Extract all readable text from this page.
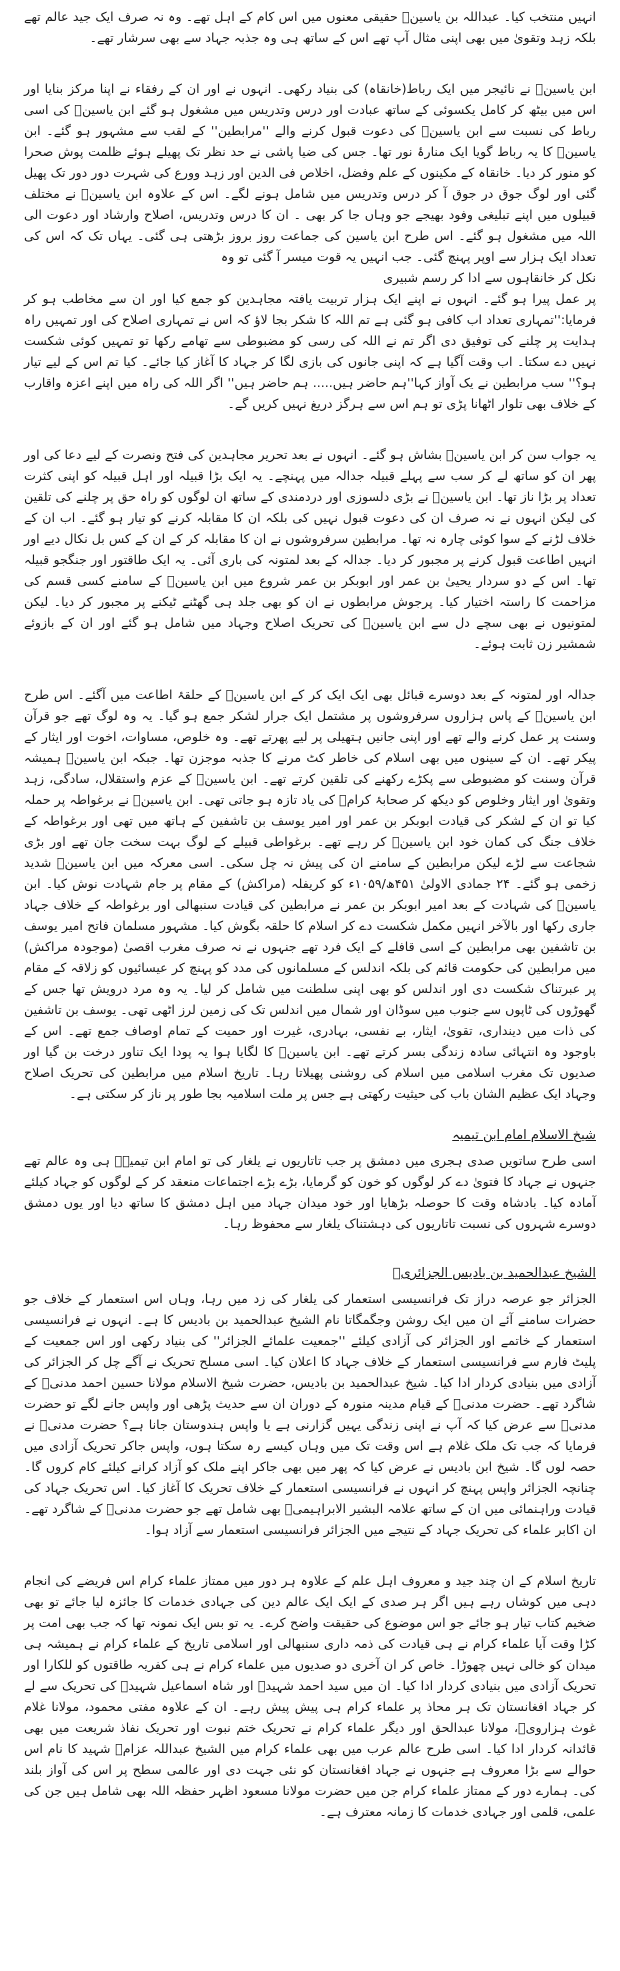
انہیں منتخب کیا۔ عبداللہ بن یاسینؒ حقیقی معنوں میں اس کام کے اہل تھے۔ وہ نہ صرف ایک جید عالم تھے بلکہ زہد وتقویٰ میں بھی اپنی مثال آپ تھے اس کے ساتھ ہی وہ جذبہ جہاد سے بھی سرشار تھے۔

ابن یاسینؒ نے نائیجر میں ایک رباط(خانقاہ) کی بنیاد رکھی۔ انہوں نے اور ان کے رفقاء نے اپنا مرکز بنایا اور اس میں بیٹھ کر کامل یکسوئی کے ساتھ عبادت اور درس وتدریس میں مشغول ہو گئے ابن یاسینؒ کی اسی رباط کی نسبت سے ابن یاسینؒ کی دعوت قبول کرنے والے ''مرابطین'' کے لقب سے مشہور ہو گئے۔ ابن یاسینؒ کا یہ رباط گویا ایک منارۂ نور تھا۔ جس کی ضیا پاشی نے حد نظر تک پھیلے ہوئے ظلمت پوش صحرا کو منور کر دیا۔ خانقاہ کے مکینوں کے علم وفضل، اخلاص فی الدین اور زہد وورع کی شہرت دور دور تک پھیل گئی اور لوگ جوق در جوق آ کر درس وتدریس میں شامل ہونے لگے۔ اس کے علاوہ ابن یاسینؒ نے مختلف قبیلوں میں اپنے تبلیغی وفود بھیجے جو وہاں جا کر بھی ۔ ان کا درس وتدریس، اصلاح وارشاد اور دعوت الی اللہ میں مشغول ہو گئے۔ اس طرح ابن یاسین کی جماعت روز بروز بڑھتی ہی گئی۔ یہاں تک کہ اس کی تعداد ایک ہزار سے اوپر پہنچ گئی۔ جب انہیں یہ قوت میسر آ گئی تو وہ

نکل کر خانقاہوں سے ادا کر رسم شبیری

پر عمل پیرا ہو گئے۔ انہوں نے اپنے ایک ہزار تربیت یافتہ مجاہدین کو جمع کیا اور ان سے مخاطب ہو کر فرمایا:''تمہاری تعداد اب کافی ہو گئی ہے تم اللہ کا شکر بجا لاؤ کہ اس نے تمہاری اصلاح کی اور تمہیں راہ ہدایت پر چلنے کی توفیق دی اگر تم نے اللہ کی رسی کو مضبوطی سے تھامے رکھا تو تمہیں کوئی شکست نہیں دے سکتا۔ اب وقت آگیا ہے کہ اپنی جانوں کی بازی لگا کر جہاد کا آغاز کیا جائے۔ کیا تم اس کے لیے تیار ہو؟'' سب مرابطین نے یک آواز کہا''ہم حاضر ہیں..... ہم حاضر ہیں'' اگر اللہ کی راہ میں اپنے اعزہ واقارب کے خلاف بھی تلوار اٹھانا پڑی تو ہم اس سے ہرگز دریغ نہیں کریں گے۔

یہ جواب سن کر ابن یاسینؒ بشاش ہو گئے۔ انہوں نے بعد تحریر مجاہدین کی فتح ونصرت کے لیے دعا کی اور پھر ان کو ساتھ لے کر سب سے پہلے قبیلہ جدالہ میں پہنچے۔ یہ ایک بڑا قبیلہ اور اہل قبیلہ کو اپنی کثرت تعداد پر بڑا ناز تھا۔ ابن یاسینؒ نے بڑی دلسوزی اور دردمندی کے ساتھ ان لوگوں کو راہ حق پر چلنے کی تلقین کی لیکن انہوں نے نہ صرف ان کی دعوت قبول نہیں کی بلکہ ان کا مقابلہ کرنے کو تیار ہو گئے۔ اب ان کے خلاف لڑنے کے سوا کوئی چارہ نہ تھا۔ مرابطین سرفروشوں نے ان کا مقابلہ کر کے ان کے کس بل نکال دیے اور انہیں اطاعت قبول کرنے پر مجبور کر دیا۔ جدالہ کے بعد لمتونہ کی باری آئی۔ یہ ایک طاقتور اور جنگجو قبیلہ تھا۔ اس کے دو سردار یحییٰ بن عمر اور ابوبکر بن عمر شروع میں ابن یاسینؒ کے سامنے کسی قسم کی مزاحمت کا راستہ اختیار کیا۔ پرجوش مرابطوں نے ان کو بھی جلد ہی گھٹنے ٹیکنے پر مجبور کر دیا۔ لیکن لمتونیوں نے بھی سچے دل سے ابن یاسینؒ کی تحریک اصلاح وجہاد میں شامل ہو گئے اور ان کے بازوئے شمشیر زن ثابت ہوئے۔

جدالہ اور لمتونہ کے بعد دوسرے قبائل بھی ایک ایک کر کے ابن یاسینؒ کے حلقۂ اطاعت میں آگئے۔ اس طرح ابن یاسینؒ کے پاس ہزاروں سرفروشوں پر مشتمل ایک جرار لشکر جمع ہو گیا۔ یہ وہ لوگ تھے جو قرآن وسنت پر عمل کرنے والے تھے اور اپنی جانیں ہتھیلی پر لیے پھرتے تھے۔ وہ خلوص، مساوات، اخوت اور ایثار کے پیکر تھے۔ ان کے سینوں میں بھی اسلام کی خاطر کٹ مرنے کا جذبہ موجزن تھا۔ جبکہ ابن یاسینؒ ہمیشہ قرآن وسنت کو مضبوطی سے پکڑے رکھنے کی تلقین کرتے تھے۔ ابن یاسینؒ کے عزم واستقلال، سادگی، زہد وتقویٰ اور ایثار وخلوص کو دیکھ کر صحابۂ کرامؓ کی یاد تازہ ہو جاتی تھی۔ ابن یاسینؒ نے برغواطہ پر حملہ کیا تو ان کے لشکر کی قیادت ابوبکر بن عمر اور امیر یوسف بن تاشفین کے ہاتھ میں تھی اور برغواطہ کے خلاف جنگ کی کمان خود ابن یاسینؒ کر رہے تھے۔ برغواطی قبیلے کے لوگ بہت سخت جان تھے اور بڑی شجاعت سے لڑے لیکن مرابطین کے سامنے ان کی پیش نہ چل سکی۔ اسی معرکہ میں ابن یاسینؒ شدید زخمی ہو گئے۔ ۲۴ جمادی الاولیٰ ۴۵۱ھ/۱۰۵۹ء کو کریفلہ (مراکش) کے مقام پر جام شہادت نوش کیا۔ ابن یاسینؒ کی شہادت کے بعد امیر ابوبکر بن عمر نے مرابطین کی قیادت سنبھالی اور برغواطہ کے خلاف جہاد جاری رکھا اور بالآخر انہیں مکمل شکست دے کر اسلام کا حلقہ بگوش کیا۔ مشہور مسلمان فاتح امیر یوسف بن تاشفین بھی مرابطین کے اسی قافلے کے ایک فرد تھے جنہوں نے نہ صرف مغرب اقصیٰ (موجودہ مراکش) میں مرابطین کی حکومت قائم کی بلکہ اندلس کے مسلمانوں کی مدد کو پہنچ کر عیسائیوں کو زلاقہ کے مقام پر عبرتناک شکست دی اور اندلس کو بھی اپنی سلطنت میں شامل کر لیا۔ یہ وہ مرد درویش تھا جس کے گھوڑوں کی ٹاپوں سے جنوب میں سوڈان اور شمال میں اندلس تک کی زمین لرز اٹھی تھی۔ یوسف بن تاشفین کی ذات میں دینداری، تقویٰ، ایثار، بے نفسی، بہادری، غیرت اور حمیت کے تمام اوصاف جمع تھے۔ اس کے باوجود وہ انتہائی سادہ زندگی بسر کرتے تھے۔ ابن یاسینؒ کا لگایا ہوا یہ پودا ایک تناور درخت بن گیا اور صدیوں تک مغرب اسلامی میں اسلام کی روشنی پھیلاتا رہا۔ تاریخ اسلام میں مرابطین کی تحریک اصلاح وجہاد ایک عظیم الشان باب کی حیثیت رکھتی ہے جس پر ملت اسلامیہ بجا طور پر ناز کر سکتی ہے۔

شیخ الاسلام امام ابن تیمیہ

اسی طرح ساتویں صدی ہجری میں دمشق پر جب تاتاریوں نے یلغار کی تو امام ابن تیمیہؒ ہی وہ عالم تھے جنہوں نے جہاد کا فتویٰ دے کر لوگوں کو خون کو گرمایا، بڑے بڑے اجتماعات منعقد کر کے لوگوں کو جہاد کیلئے آمادہ کیا۔ بادشاہ وقت کا حوصلہ بڑھایا اور خود میدان جہاد میں اہل دمشق کا ساتھ دیا اور یوں دمشق دوسرے شہروں کی نسبت تاتاریوں کی دہشتناک یلغار سے محفوظ رہا۔

الشیخ عبدالحمید بن بادیس الجزائریؒ

الجزائر جو عرصہ دراز تک فرانسیسی استعمار کی یلغار کی زد میں رہا، وہاں اس استعمار کے خلاف جو حضرات سامنے آئے ان میں ایک روشن وجگمگاتا نام الشیخ عبدالحمید بن بادیس کا ہے۔ انہوں نے فرانسیسی استعمار کے خاتمے اور الجزائر کی آزادی کیلئے ''جمعیت علمائے الجزائر'' کی بنیاد رکھی اور اس جمعیت کے پلیٹ فارم سے فرانسیسی استعمار کے خلاف جہاد کا اعلان کیا۔ اسی مسلح تحریک نے آگے چل کر الجزائر کی آزادی میں بنیادی کردار ادا کیا۔ شیخ عبدالحمید بن بادیس، حضرت شیخ الاسلام مولانا حسین احمد مدنیؒ کے شاگرد تھے۔ حضرت مدنیؒ کے قیام مدینہ منورہ کے دوران ان سے حدیث پڑھی اور واپس جانے لگے تو حضرت مدنیؒ سے عرض کیا کہ آپ نے اپنی زندگی یہیں گزارنی ہے یا واپس ہندوستان جانا ہے؟ حضرت مدنیؒ نے فرمایا کہ جب تک ملک غلام ہے اس وقت تک میں وہاں کیسے رہ سکتا ہوں، واپس جاکر تحریک آزادی میں حصہ لوں گا۔ شیخ ابن بادیس نے عرض کیا کہ پھر میں بھی جاکر اپنے ملک کو آزاد کرانے کیلئے کام کروں گا۔ چنانچہ الجزائر واپس پہنچ کر انہوں نے فرانسیسی استعمار کے خلاف تحریک کا آغاز کیا۔ اس تحریک جہاد کی قیادت وراہنمائی میں ان کے ساتھ علامہ البشیر الابراہیمیؒ بھی شامل تھے جو حضرت مدنیؒ کے شاگرد تھے۔ ان اکابر علماء کی تحریک جہاد کے نتیجے میں الجزائر فرانسیسی استعمار سے آزاد ہوا۔

تاریخ اسلام کے ان چند جید و معروف اہل علم کے علاوہ ہر دور میں ممتاز علماء کرام اس فریضے کی انجام دہی میں کوشاں رہے ہیں اگر ہر صدی کے ایک ایک عالم دین کی جہادی خدمات کا جائزہ لیا جائے تو بھی ضخیم کتاب تیار ہو جائے جو اس موضوع کی حقیقت واضح کرے۔ یہ تو بس ایک نمونہ تھا کہ جب بھی امت پر کڑا وقت آیا علماء کرام نے ہی قیادت کی ذمہ داری سنبھالی اور اسلامی تاریخ کے علماء کرام نے ہمیشہ ہی میدان کو خالی نہیں چھوڑا۔ خاص کر ان آخری دو صدیوں میں علماء کرام نے ہی کفریہ طاقتوں کو للکارا اور تحریک آزادی میں بنیادی کردار ادا کیا۔ ان میں سید احمد شہیدؒ اور شاہ اسماعیل شہیدؒ کی تحریک سے لے کر جہاد افغانستان تک ہر محاذ پر علماء کرام ہی پیش پیش رہے۔ ان کے علاوہ مفتی محمود، مولانا غلام غوث ہزارویؒ، مولانا عبدالحق اور دیگر علماء کرام نے تحریک ختم نبوت اور تحریک نفاذ شریعت میں بھی قائدانہ کردار ادا کیا۔ اسی طرح عالم عرب میں بھی علماء کرام میں الشیخ عبداللہ عزامؒ شہید کا نام اس حوالے سے بڑا معروف ہے جنہوں نے جہاد افغانستان کو نئی جہت دی اور عالمی سطح پر اس کی آواز بلند کی۔ ہمارے دور کے ممتاز علماء کرام جن میں حضرت مولانا مسعود اظہر حفظہ اللہ بھی شامل ہیں جن کی علمی، قلمی اور جہادی خدمات کا زمانہ معترف ہے۔
